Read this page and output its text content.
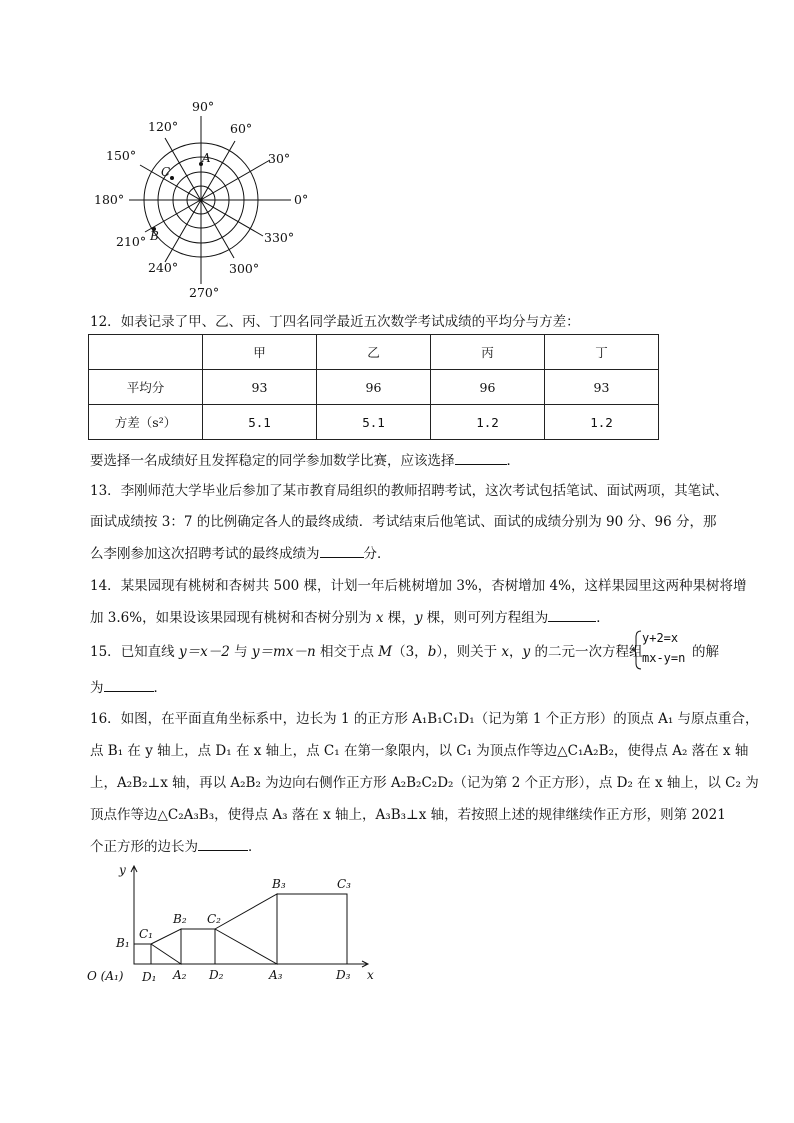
A
C
B
90°
120°	60°
150°	30°
180°	0°
210°	330°
240°	300°
270°
12．如表记录了甲、乙、丙、丁四名同学最近五次数学考试成绩的平均分与方差：
	甲	乙	丙	丁
平均分	93	96	96	93
方差（s²）	5.1	5.1	1.2	1.2
要选择一名成绩好且发挥稳定的同学参加数学比赛，应该选择	．
13．李刚师范大学毕业后参加了某市教育局组织的教师招聘考试，这次考试包括笔试、面试两项，其笔试、
面试成绩按 3：7 的比例确定各人的最终成绩．考试结束后他笔试、面试的成绩分别为 90 分、96 分，那
么李刚参加这次招聘考试的最终成绩为	分．
14．某果园现有桃树和杏树共 500 棵，计划一年后桃树增加 3%，杏树增加 4%，这样果园里这两种果树将增
加 3.6%，如果设该果园现有桃树和杏树分别为 x 棵，y 棵，则可列方程组为	．
15．已知直线 y＝x－2 与 y＝mx－n 相交于点 M（3，b），则关于 x，y 的二元一次方程组
y+2=x
mx-y=n 的解
为	．
16．如图，在平面直角坐标系中，边长为 1 的正方形 A₁B₁C₁D₁（记为第 1 个正方形）的顶点 A₁ 与原点重合，
点 B₁ 在 y 轴上，点 D₁ 在 x 轴上，点 C₁ 在第一象限内，以 C₁ 为顶点作等边△C₁A₂B₂，使得点 A₂ 落在 x 轴
上，A₂B₂⊥x 轴，再以 A₂B₂ 为边向右侧作正方形 A₂B₂C₂D₂（记为第 2 个正方形），点 D₂ 在 x 轴上，以 C₂ 为
顶点作等边△C₂A₃B₃，使得点 A₃ 落在 x 轴上，A₃B₃⊥x 轴，若按照上述的规律继续作正方形，则第 2021
个正方形的边长为	．
y
x
O (A₁)
B₁
C₁
D₁ A₂
B₂ C₂
D₂	A₃
B₃	C₃
D₃
